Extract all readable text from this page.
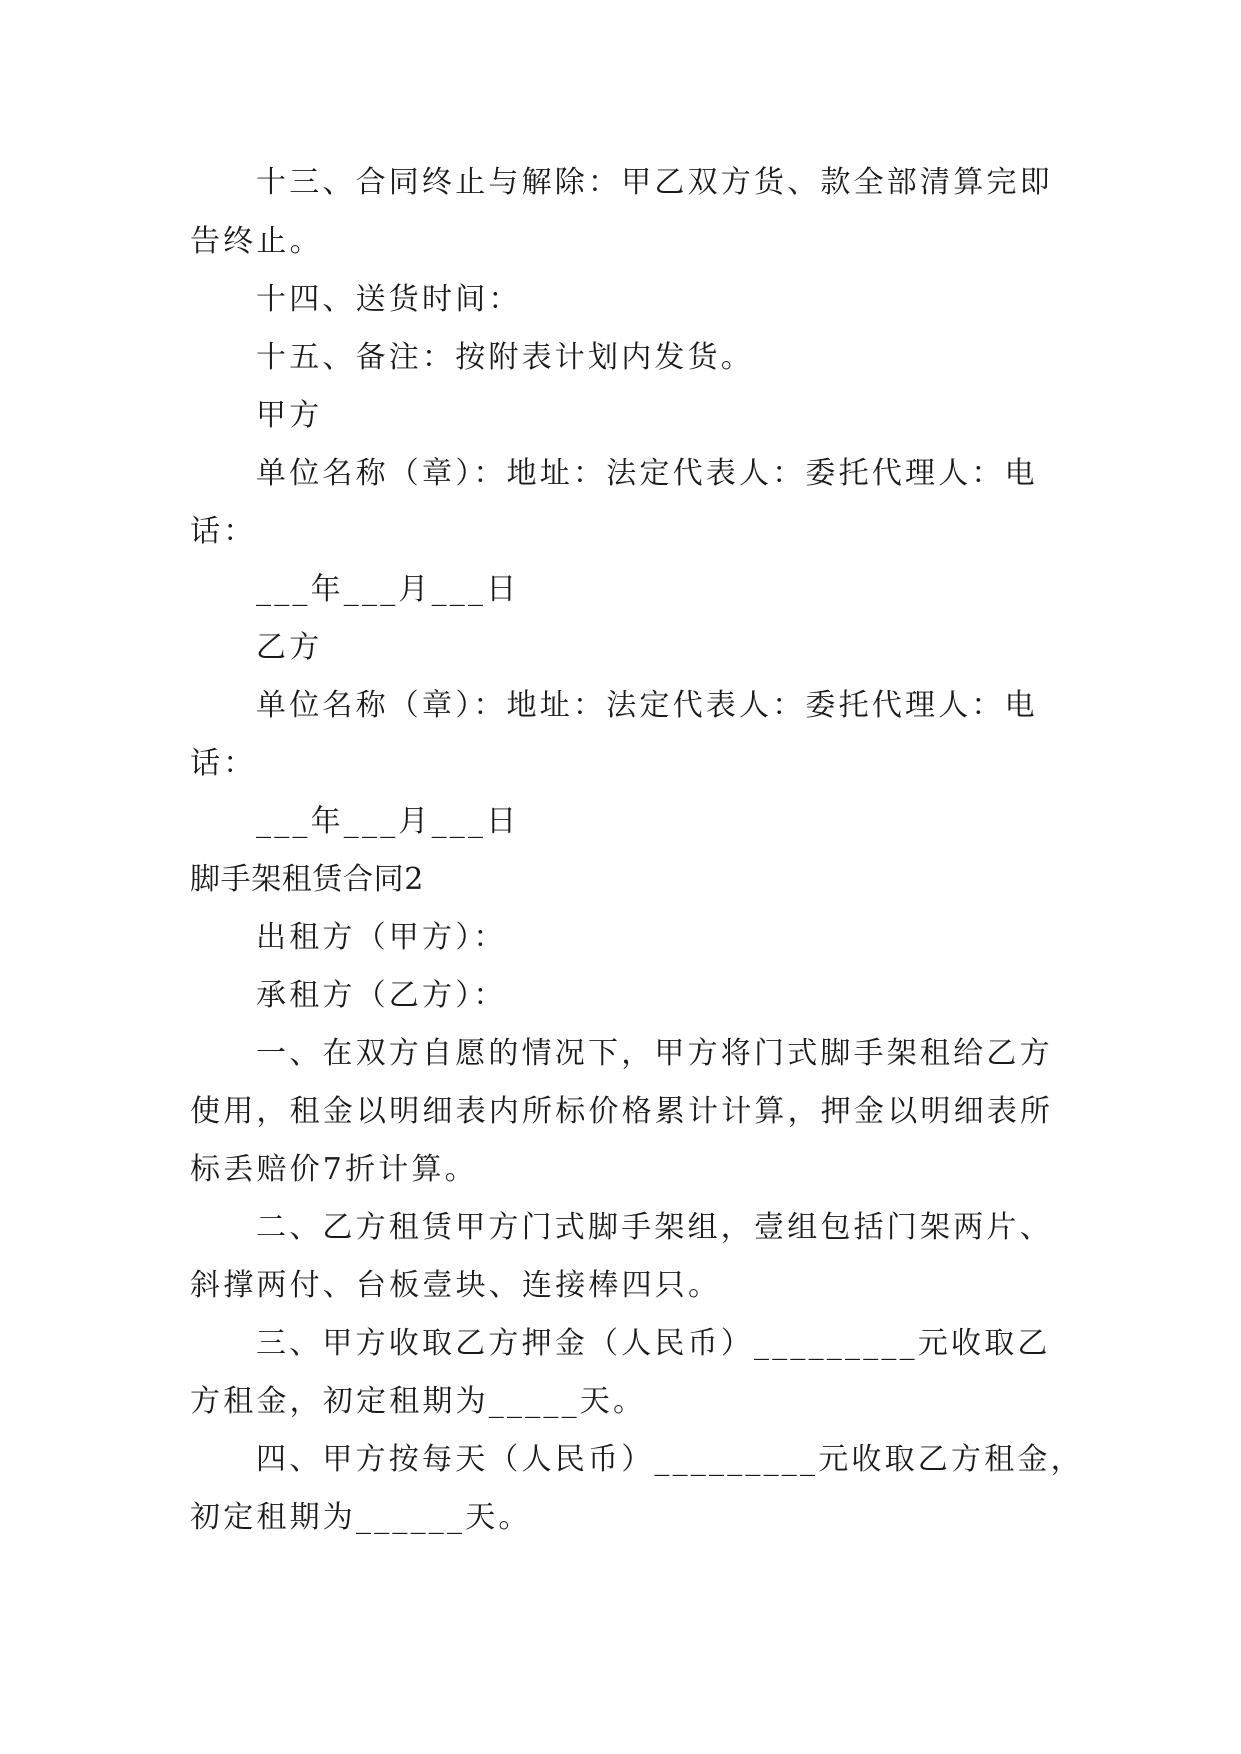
十三、合同终止与解除：甲乙双方货、款全部清算完即
告终止。
十四、送货时间：
十五、备注：按附表计划内发货。
甲方
单位名称（章）：地址：法定代表人：委托代理人：电
话：
___年___月___日
乙方
单位名称（章）：地址：法定代表人：委托代理人：电
话：
___年___月___日
脚手架租赁合同2
出租方（甲方）：
承租方（乙方）：
一、在双方自愿的情况下，甲方将门式脚手架租给乙方
使用，租金以明细表内所标价格累计计算，押金以明细表所
标丢赔价7折计算。
二、乙方租赁甲方门式脚手架组，壹组包括门架两片、
斜撑两付、台板壹块、连接棒四只。
三、甲方收取乙方押金（人民币）_________元收取乙
方租金，初定租期为_____天。
四、甲方按每天（人民币）_________元收取乙方租金，
初定租期为______天。
